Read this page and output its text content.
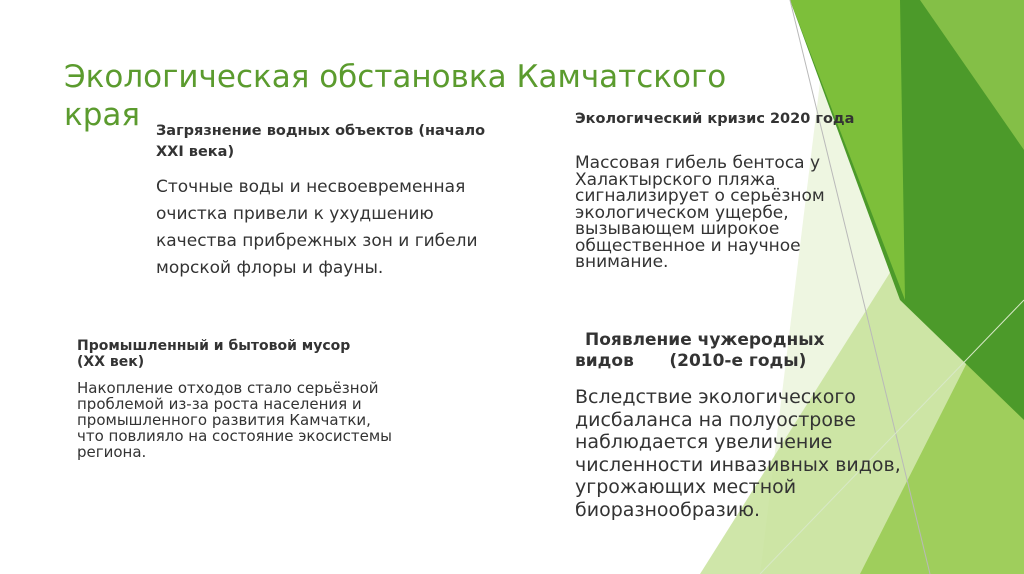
Экологическая обстановка Камчатского края	Загрязнение водных объектов (начало XXI века)

Сточные воды и несвоевременная очистка привели к ухудшению качества прибрежных зон и гибели морской флоры и фауны.

Экологический кризис 2020 года

Массовая гибель бентоса у Халактырского пляжа сигнализирует о серьёзном экологическом ущербе, вызывающем широкое общественное и научное внимание.

Промышленный и бытовой мусор (XX век)

Накопление отходов стало серьёзной проблемой из-за роста населения и промышленного развития Камчатки, что повлияло на состояние экосистемы региона.

Появление чужеродных
видов      (2010-е годы)

Вследствие экологического дисбаланса на полуострове наблюдается увеличение численности инвазивных видов, угрожающих местной биоразнообразию.
